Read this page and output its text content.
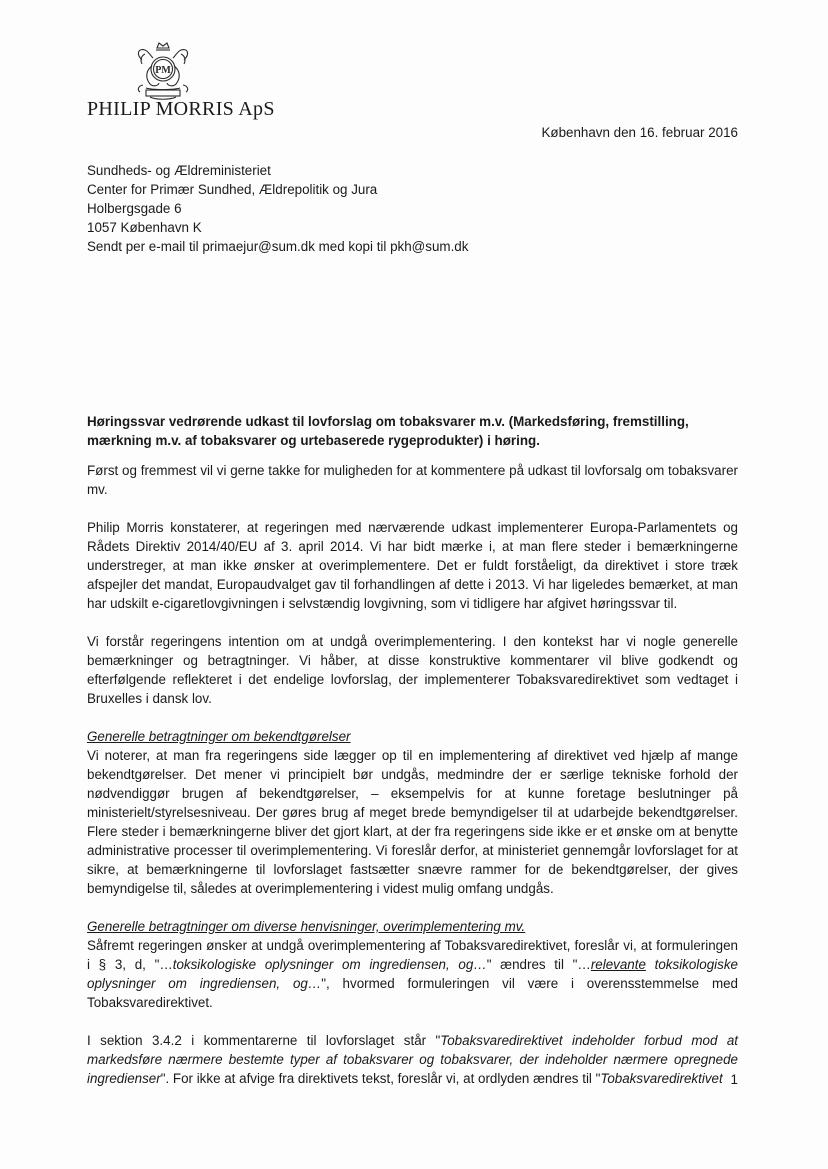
PM
PHILIP MORRIS ApS
København den 16. februar 2016
Sundheds- og Ældreministeriet
Center for Primær Sundhed, Ældrepolitik og Jura
Holbergsgade 6
1057 København K
Sendt per e-mail til primaejur@sum.dk med kopi til pkh@sum.dk
Høringssvar vedrørende udkast til lovforslag om tobaksvarer m.v. (Markedsføring, fremstilling, mærkning m.v. af tobaksvarer og urtebaserede rygeprodukter) i høring.

Først og fremmest vil vi gerne takke for muligheden for at kommentere på udkast til lovforsalg om tobaksvarer mv.

Philip Morris konstaterer, at regeringen med nærværende udkast implementerer Europa-Parlamentets og Rådets Direktiv 2014/40/EU af 3. april 2014. Vi har bidt mærke i, at man flere steder i bemærkningerne understreger, at man ikke ønsker at overimplementere. Det er fuldt forståeligt, da direktivet i store træk afspejler det mandat, Europaudvalget gav til forhandlingen af dette i 2013. Vi har ligeledes bemærket, at man har udskilt e-cigaretlovgivningen i selvstændig lovgivning, som vi tidligere har afgivet høringssvar til.

Vi forstår regeringens intention om at undgå overimplementering. I den kontekst har vi nogle generelle bemærkninger og betragtninger. Vi håber, at disse konstruktive kommentarer vil blive godkendt og efterfølgende reflekteret i det endelige lovforslag, der implementerer Tobaksvaredirektivet som vedtaget i Bruxelles i dansk lov.

Generelle betragtninger om bekendtgørelser

Vi noterer, at man fra regeringens side lægger op til en implementering af direktivet ved hjælp af mange bekendtgørelser. Det mener vi principielt bør undgås, medmindre der er særlige tekniske forhold der nødvendiggør brugen af bekendtgørelser, – eksempelvis for at kunne foretage beslutninger på ministerielt/styrelsesniveau. Der gøres brug af meget brede bemyndigelser til at udarbejde bekendtgørelser. Flere steder i bemærkningerne bliver det gjort klart, at der fra regeringens side ikke er et ønske om at benytte administrative processer til overimplementering. Vi foreslår derfor, at ministeriet gennemgår lovforslaget for at sikre, at bemærkningerne til lovforslaget fastsætter snævre rammer for de bekendtgørelser, der gives bemyndigelse til, således at overimplementering i videst mulig omfang undgås.

Generelle betragtninger om diverse henvisninger, overimplementering mv.

Såfremt regeringen ønsker at undgå overimplementering af Tobaksvaredirektivet, foreslår vi, at formuleringen i § 3, d, "…toksikologiske oplysninger om ingrediensen, og…" ændres til "…relevante toksikologiske oplysninger om ingrediensen, og…", hvormed formuleringen vil være i overensstemmelse med Tobaksvaredirektivet.

I sektion 3.4.2 i kommentarerne til lovforslaget står "Tobaksvaredirektivet indeholder forbud mod at markedsføre nærmere bestemte typer af tobaksvarer og tobaksvarer, der indeholder nærmere opregnede ingredienser". For ikke at afvige fra direktivets tekst, foreslår vi, at ordlyden ændres til "Tobaksvaredirektivet 1
